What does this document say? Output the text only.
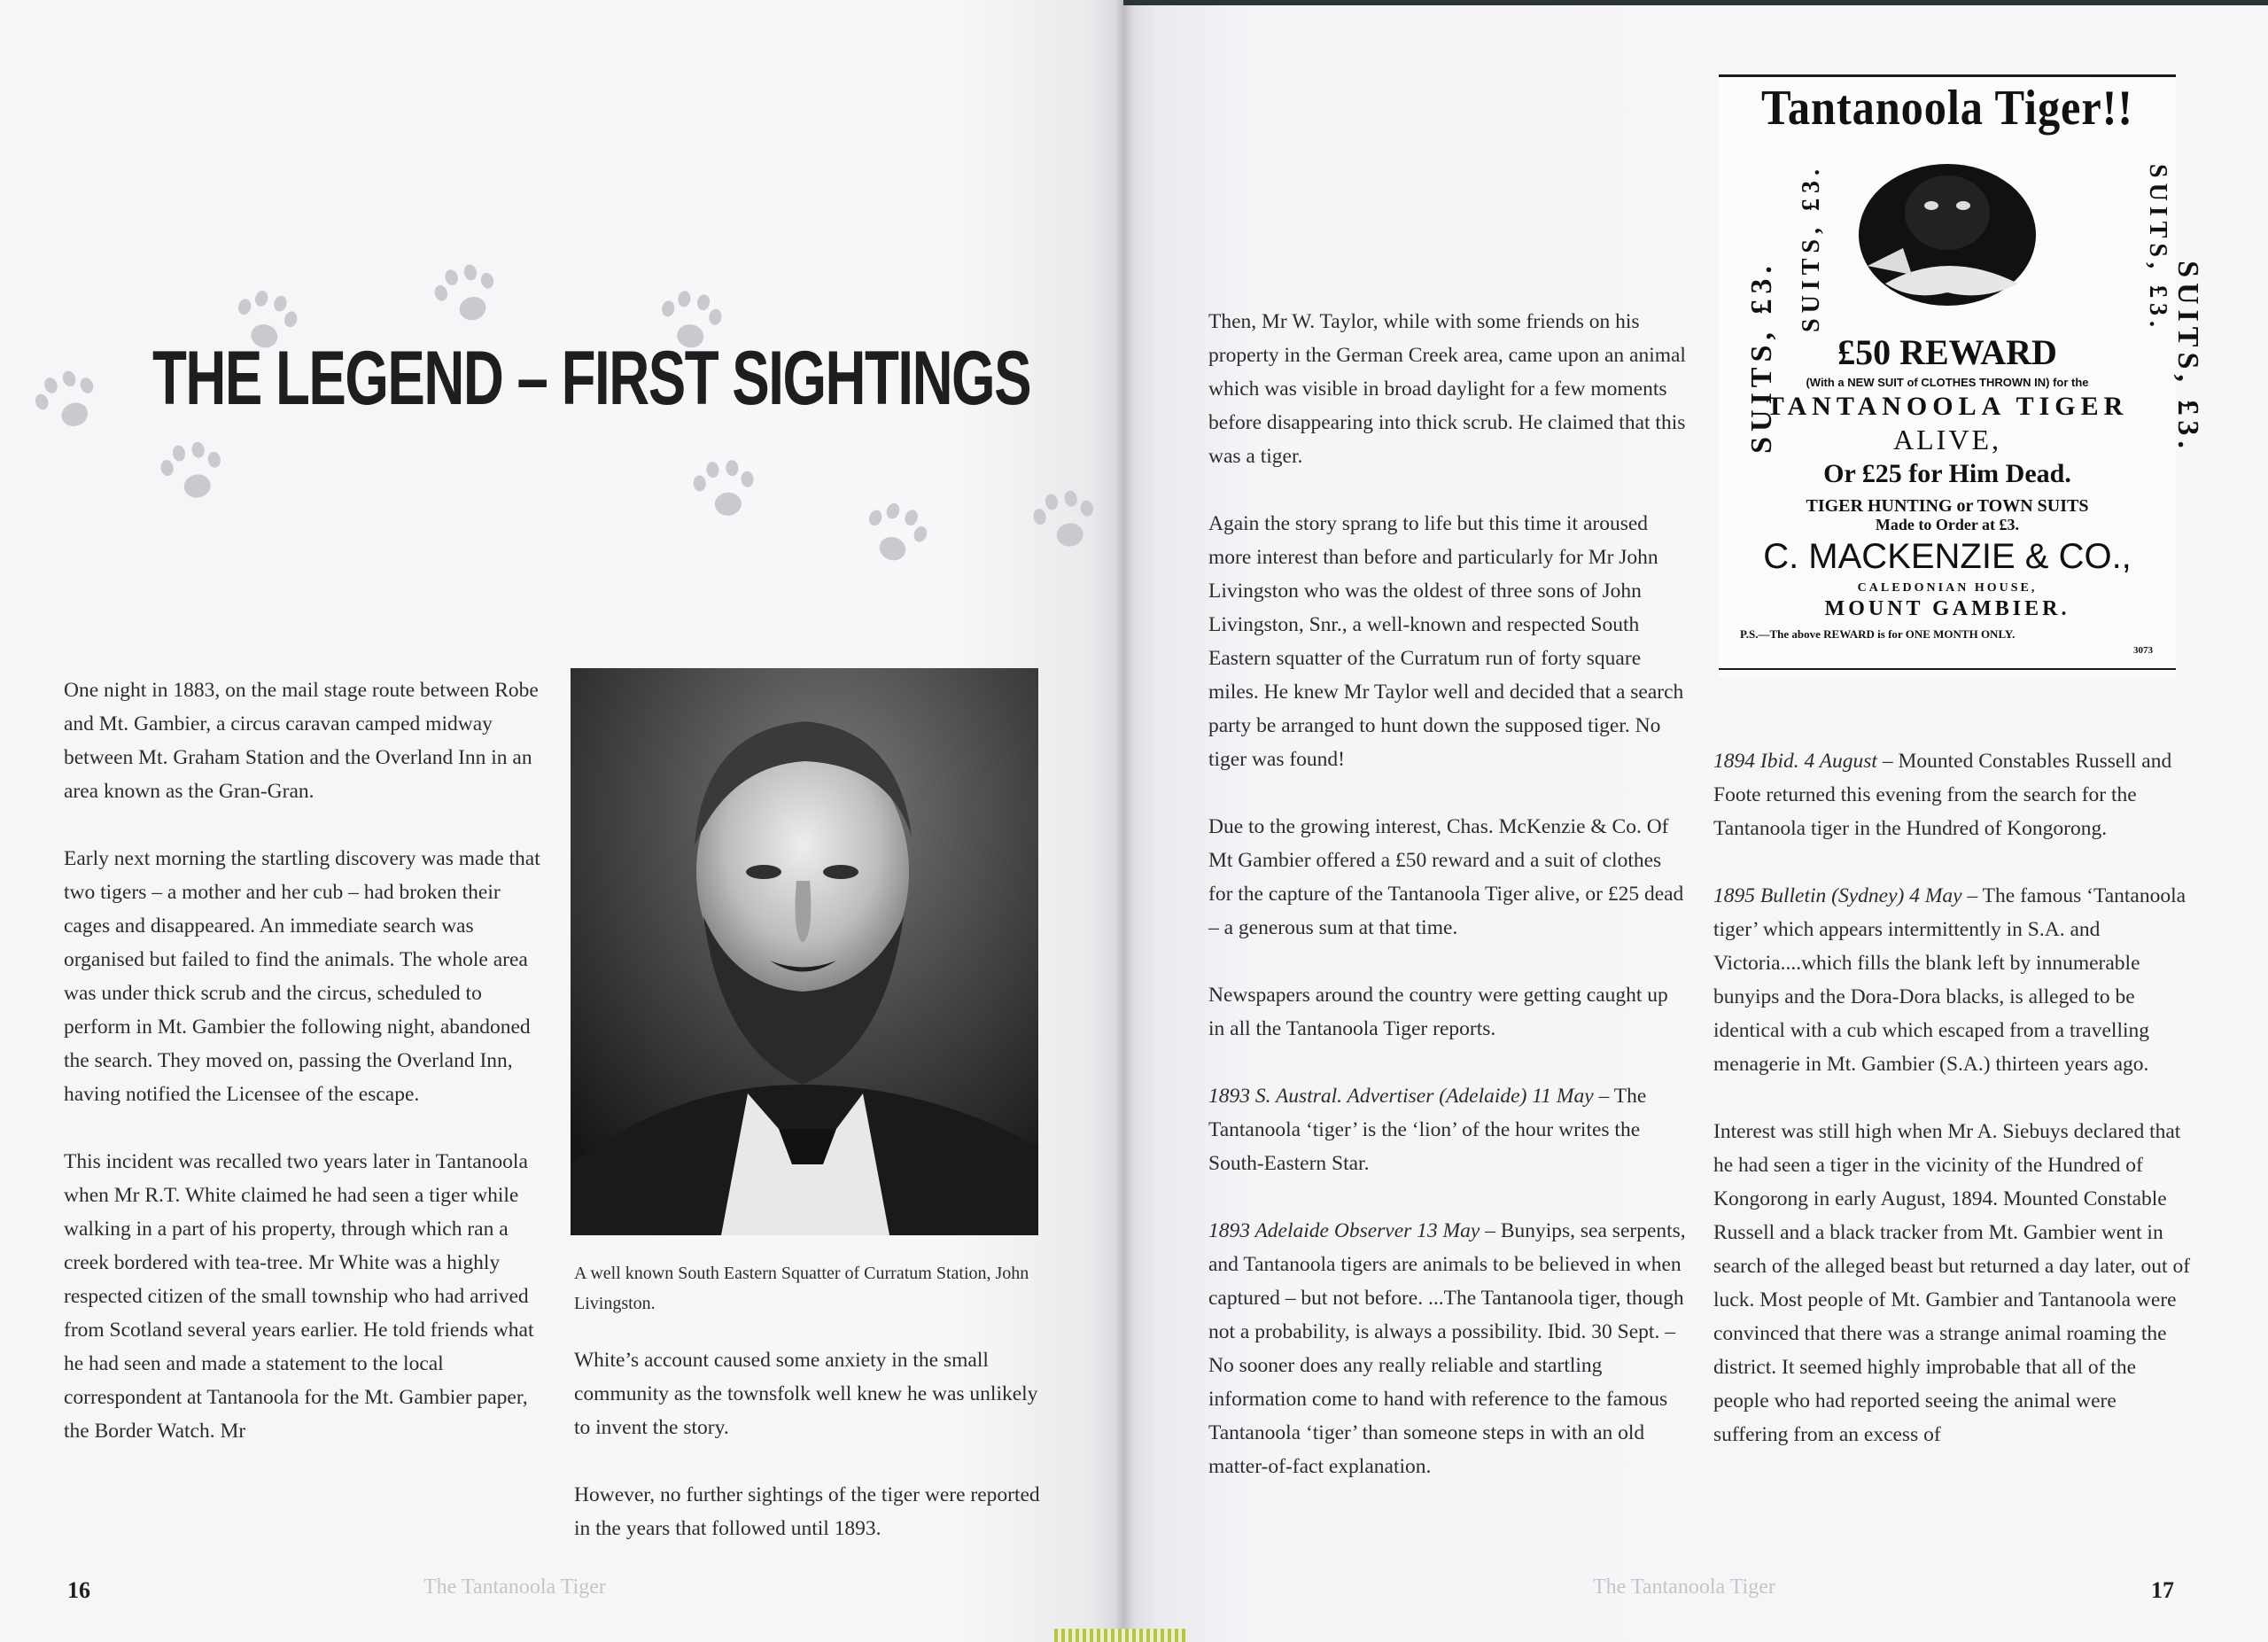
THE LEGEND – FIRST SIGHTINGS

One night in 1883, on the mail stage route between Robe and Mt. Gambier, a circus caravan camped midway between Mt. Graham Station and the Overland Inn in an area known as the Gran-Gran.

Early next morning the startling discovery was made that two tigers – a mother and her cub – had broken their cages and disappeared. An immediate search was organised but failed to find the animals. The whole area was under thick scrub and the circus, scheduled to perform in Mt. Gambier the following night, abandoned the search. They moved on, passing the Overland Inn, having notified the Licensee of the escape.

This incident was recalled two years later in Tantanoola when Mr R.T. White claimed he had seen a tiger while walking in a part of his property, through which ran a creek bordered with tea-tree. Mr White was a highly respected citizen of the small township who had arrived from Scotland several years earlier. He told friends what he had seen and made a statement to the local correspondent at Tantanoola for the Mt. Gambier paper, the Border Watch. Mr

A well known South Eastern Squatter of Curratum Station, John Livingston.

White’s account caused some anxiety in the small community as the townsfolk well knew he was unlikely to invent the story.

However, no further sightings of the tiger were reported in the years that followed until 1893.

16	The Tantanoola Tiger

Then, Mr W. Taylor, while with some friends on his property in the German Creek area, came upon an animal which was visible in broad daylight for a few moments before disappearing into thick scrub. He claimed that this was a tiger.

Again the story sprang to life but this time it aroused more interest than before and particularly for Mr John Livingston who was the oldest of three sons of John Livingston, Snr., a well-known and respected South Eastern squatter of the Curratum run of forty square miles. He knew Mr Taylor well and decided that a search party be arranged to hunt down the supposed tiger. No tiger was found!

Due to the growing interest, Chas. McKenzie & Co. Of Mt Gambier offered a £50 reward and a suit of clothes for the capture of the Tantanoola Tiger alive, or £25 dead – a generous sum at that time.

Newspapers around the country were getting caught up in all the Tantanoola Tiger reports.

1893 S. Austral. Advertiser (Adelaide) 11 May – The Tantanoola ‘tiger’ is the ‘lion’ of the hour writes the South-Eastern Star.

1893 Adelaide Observer 13 May – Bunyips, sea serpents, and Tantanoola tigers are animals to be believed in when captured – but not before. ...The Tantanoola tiger, though not a probability, is always a possibility. Ibid. 30 Sept. – No sooner does any really reliable and startling information come to hand with reference to the famous Tantanoola ‘tiger’ than someone steps in with an old matter-of-fact explanation.

Tantanoola Tiger!!
SUITS, £3.
SUITS, £3.	SUITS, £3.
SUITS, £3.
£50 REWARD
(With a NEW SUIT of CLOTHES THROWN IN) for the
TANTANOOLA TIGER
ALIVE,
Or £25 for Him Dead.
TIGER HUNTING or TOWN SUITS
Made to Order at £3.
C. MACKENZIE & CO.,
CALEDONIAN HOUSE,
MOUNT GAMBIER.
P.S.—The above REWARD is for ONE MONTH ONLY.
3073

1894 Ibid. 4 August – Mounted Constables Russell and Foote returned this evening from the search for the Tantanoola tiger in the Hundred of Kongorong.

1895 Bulletin (Sydney) 4 May – The famous ‘Tantanoola tiger’ which appears intermittently in S.A. and Victoria....which fills the blank left by innumerable bunyips and the Dora-Dora blacks, is alleged to be identical with a cub which escaped from a travelling menagerie in Mt. Gambier (S.A.) thirteen years ago.

Interest was still high when Mr A. Siebuys declared that he had seen a tiger in the vicinity of the Hundred of Kongorong in early August, 1894. Mounted Constable Russell and a black tracker from Mt. Gambier went in search of the alleged beast but returned a day later, out of luck. Most people of Mt. Gambier and Tantanoola were convinced that there was a strange animal roaming the district. It seemed highly improbable that all of the people who had reported seeing the animal were suffering from an excess of

The Tantanoola Tiger	17
